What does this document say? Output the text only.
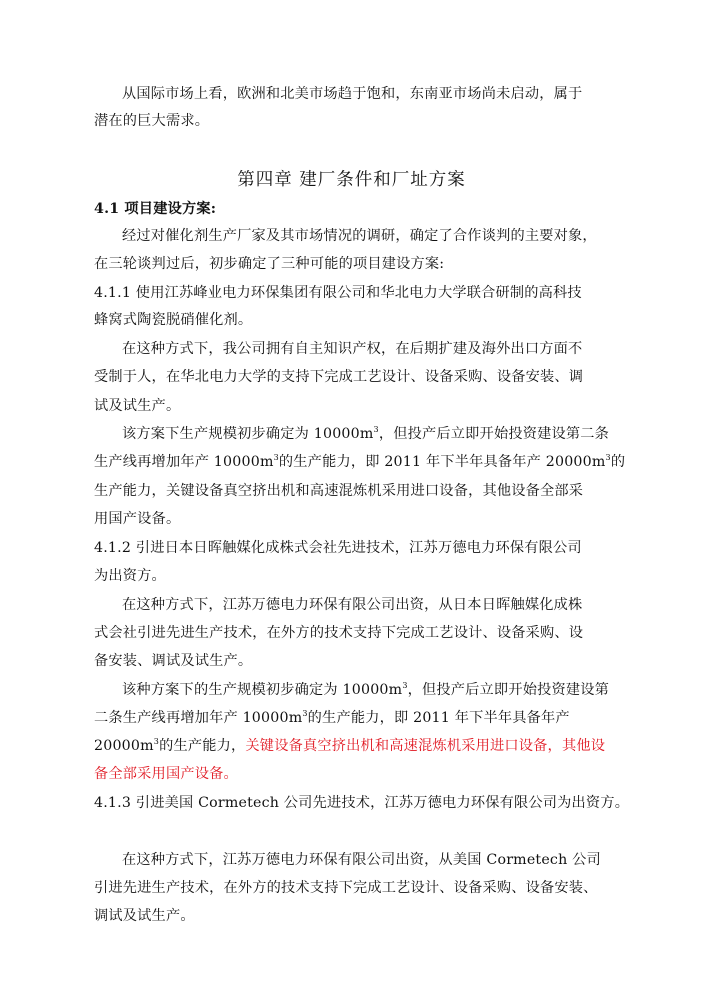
从国际市场上看，欧洲和北美市场趋于饱和，东南亚市场尚未启动，属于
潜在的巨大需求。
第四章 建厂条件和厂址方案
4.1 项目建设方案:
经过对催化剂生产厂家及其市场情况的调研，确定了合作谈判的主要对象，
在三轮谈判过后，初步确定了三种可能的项目建设方案:
4.1.1 使用江苏峰业电力环保集团有限公司和华北电力大学联合研制的高科技
蜂窝式陶瓷脱硝催化剂。
在这种方式下，我公司拥有自主知识产权，在后期扩建及海外出口方面不
受制于人，在华北电力大学的支持下完成工艺设计、设备采购、设备安装、调
试及试生产。
该方案下生产规模初步确定为 $10000m^3$，但投产后立即开始投资建设第二条
生产线再增加年产 $10000m^3$的生产能力，即 2011 年下半年具备年产 $20000m^3$的
生产能力，关键设备真空挤出机和高速混炼机采用进口设备，其他设备全部采
用国产设备。
4.1.2 引进日本日晖触媒化成株式会社先进技术，江苏万德电力环保有限公司
为出资方。
在这种方式下，江苏万德电力环保有限公司出资，从日本日晖触媒化成株
式会社引进先进生产技术，在外方的技术支持下完成工艺设计、设备采购、设
备安装、调试及试生产。
该种方案下的生产规模初步确定为 $10000m^3$，但投产后立即开始投资建设第
二条生产线再增加年产 $10000m^3$的生产能力，即 2011 年下半年具备年产
$20000m^3$的生产能力，关键设备真空挤出机和高速混炼机采用进口设备，其他设
备全部采用国产设备。
4.1.3 引进美国 Cormetech 公司先进技术，江苏万德电力环保有限公司为出资方。
在这种方式下，江苏万德电力环保有限公司出资，从美国 Cormetech 公司
引进先进生产技术，在外方的技术支持下完成工艺设计、设备采购、设备安装、
调试及试生产。
